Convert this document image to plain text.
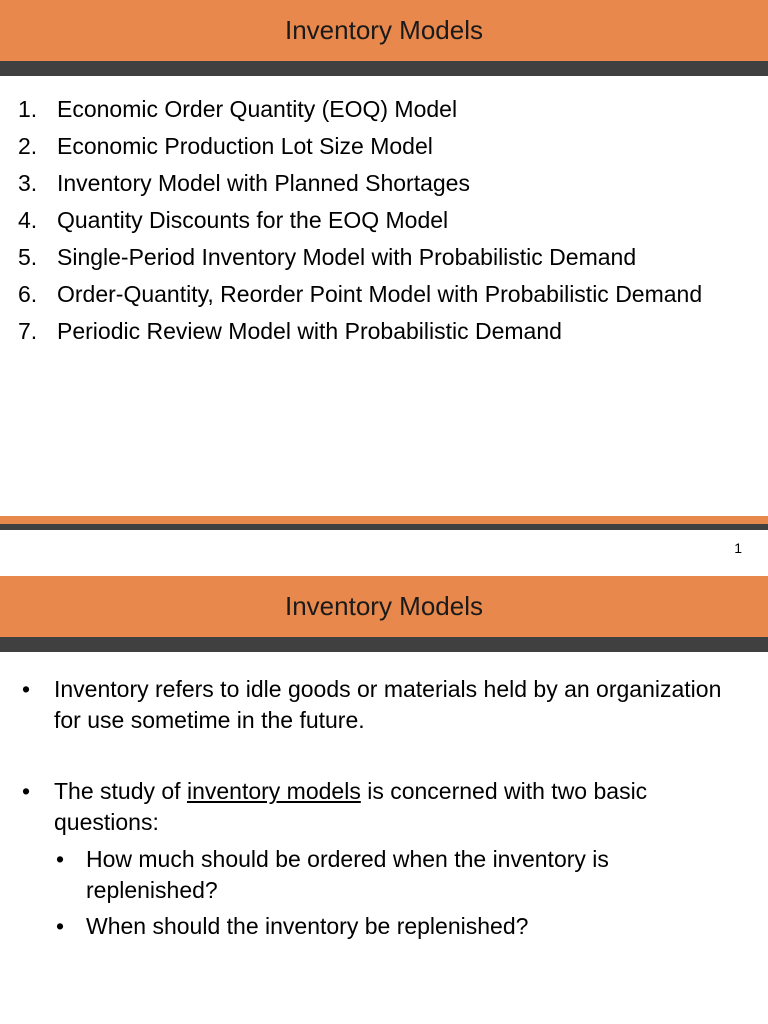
Inventory Models
1. Economic Order Quantity (EOQ) Model
2. Economic Production Lot Size Model
3. Inventory Model with Planned Shortages
4. Quantity Discounts for the EOQ Model
5. Single-Period Inventory Model with Probabilistic Demand
6. Order-Quantity, Reorder Point Model with Probabilistic Demand
7. Periodic Review Model with Probabilistic Demand
1
Inventory Models
•	Inventory refers to idle goods or materials held by an organization for use sometime in the future.
•	The study of inventory models is concerned with two basic questions:
• How much should be ordered when the inventory is replenished?
• When should the inventory be replenished?
